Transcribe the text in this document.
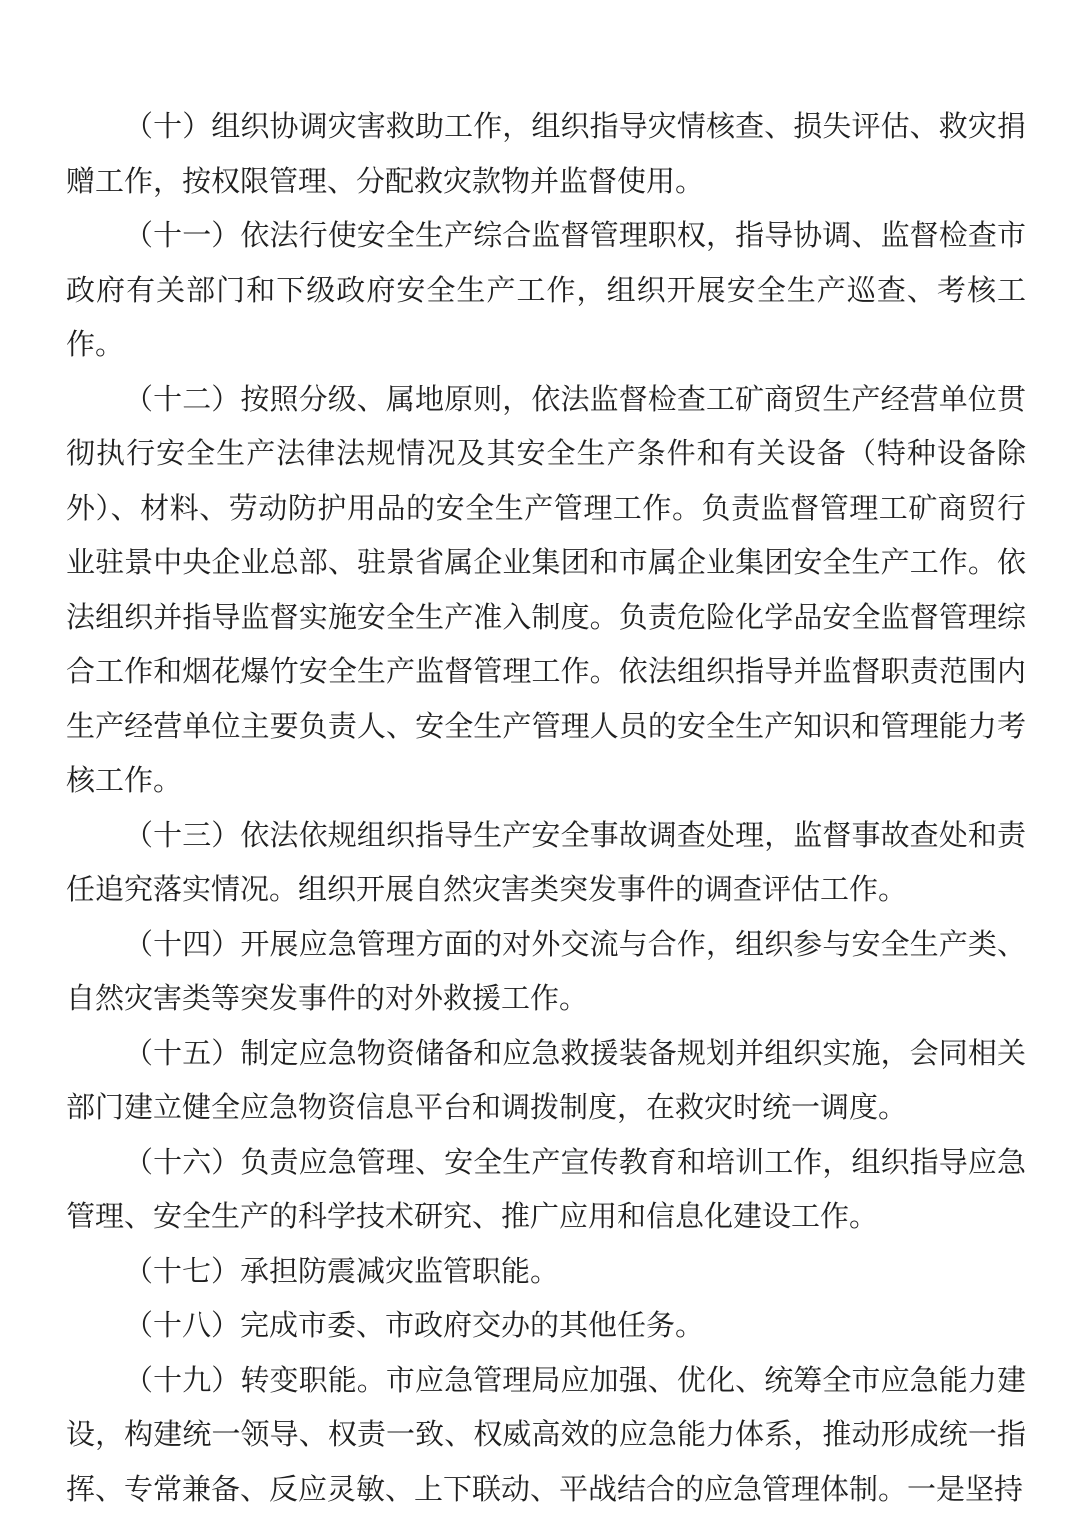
（十）组织协调灾害救助工作，组织指导灾情核查、损失评估、救灾捐赠工作，按权限管理、分配救灾款物并监督使用。

（十一）依法行使安全生产综合监督管理职权，指导协调、监督检查市政府有关部门和下级政府安全生产工作，组织开展安全生产巡查、考核工作。

（十二）按照分级、属地原则，依法监督检查工矿商贸生产经营单位贯彻执行安全生产法律法规情况及其安全生产条件和有关设备（特种设备除外）、材料、劳动防护用品的安全生产管理工作。负责监督管理工矿商贸行业驻景中央企业总部、驻景省属企业集团和市属企业集团安全生产工作。依法组织并指导监督实施安全生产准入制度。负责危险化学品安全监督管理综合工作和烟花爆竹安全生产监督管理工作。依法组织指导并监督职责范围内生产经营单位主要负责人、安全生产管理人员的安全生产知识和管理能力考核工作。

（十三）依法依规组织指导生产安全事故调查处理，监督事故查处和责任追究落实情况。组织开展自然灾害类突发事件的调查评估工作。

（十四）开展应急管理方面的对外交流与合作，组织参与安全生产类、自然灾害类等突发事件的对外救援工作。

（十五）制定应急物资储备和应急救援装备规划并组织实施，会同相关部门建立健全应急物资信息平台和调拨制度，在救灾时统一调度。

（十六）负责应急管理、安全生产宣传教育和培训工作，组织指导应急管理、安全生产的科学技术研究、推广应用和信息化建设工作。

（十七）承担防震减灾监管职能。

（十八）完成市委、市政府交办的其他任务。

（十九）转变职能。市应急管理局应加强、优化、统筹全市应急能力建设，构建统一领导、权责一致、权威高效的应急能力体系，推动形成统一指挥、专常兼备、反应灵敏、上下联动、平战结合的应急管理体制。一是坚持
